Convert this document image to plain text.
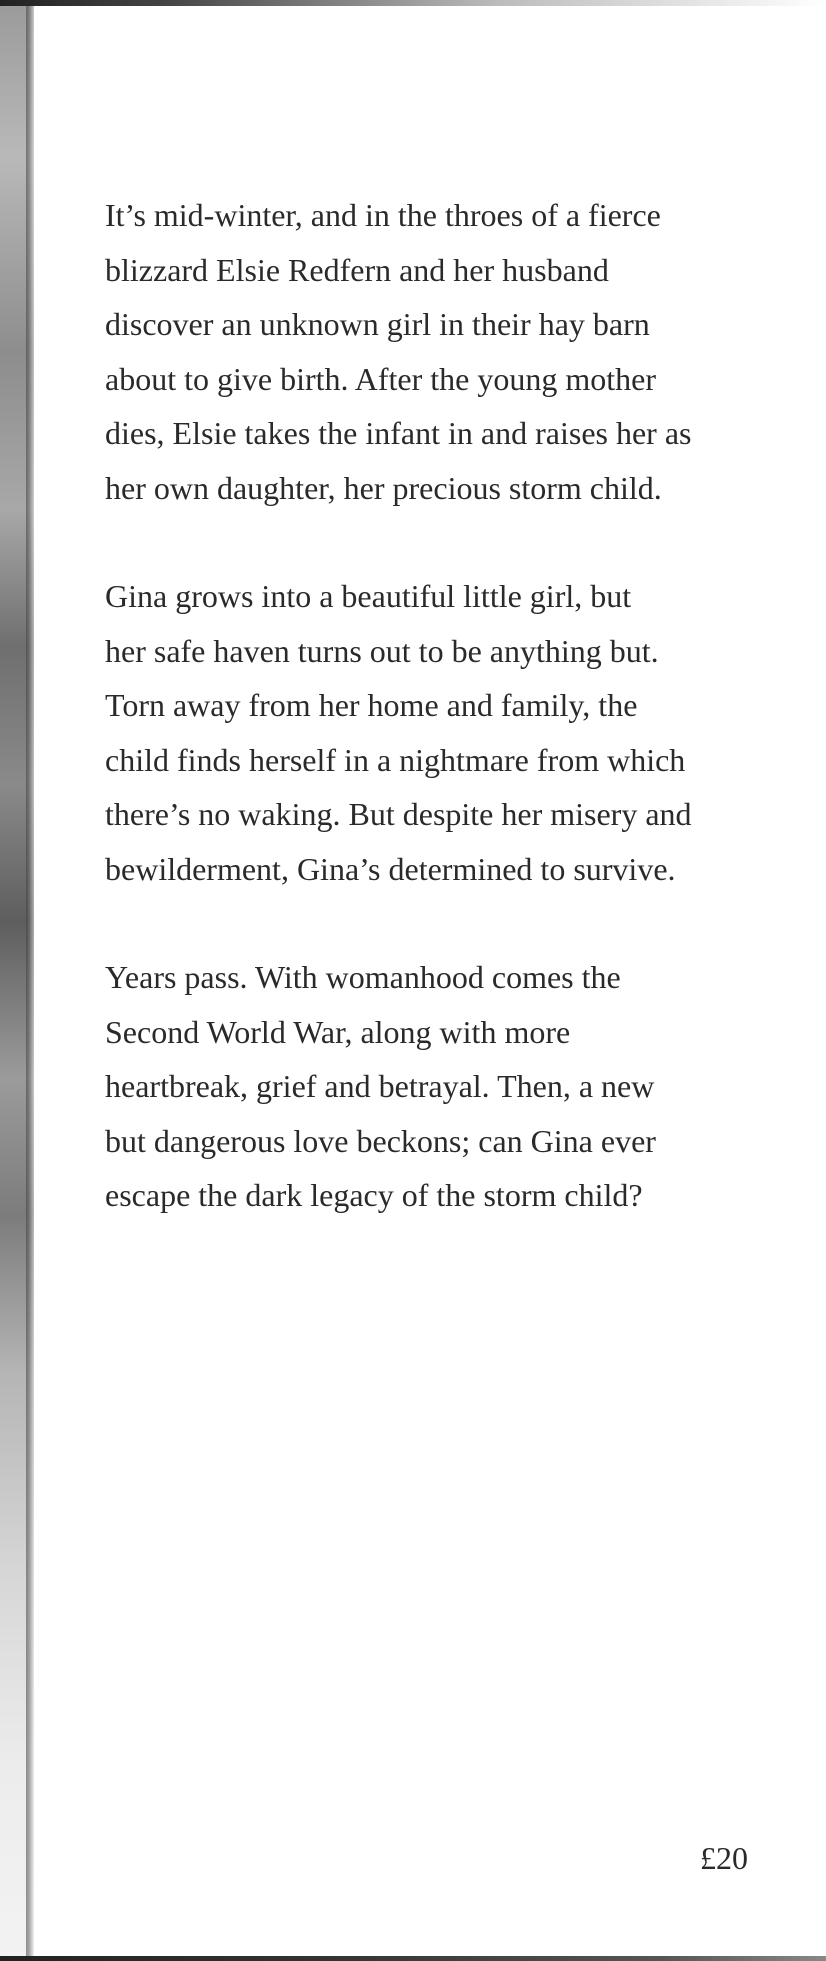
It’s mid-winter, and in the throes of a fierce
blizzard Elsie Redfern and her husband
discover an unknown girl in their hay barn
about to give birth. After the young mother
dies, Elsie takes the infant in and raises her as
her own daughter, her precious storm child.

Gina grows into a beautiful little girl, but
her safe haven turns out to be anything but.
Torn away from her home and family, the
child finds herself in a nightmare from which
there’s no waking. But despite her misery and
bewilderment, Gina’s determined to survive.

Years pass. With womanhood comes the
Second World War, along with more
heartbreak, grief and betrayal. Then, a new
but dangerous love beckons; can Gina ever
escape the dark legacy of the storm child?

£20
